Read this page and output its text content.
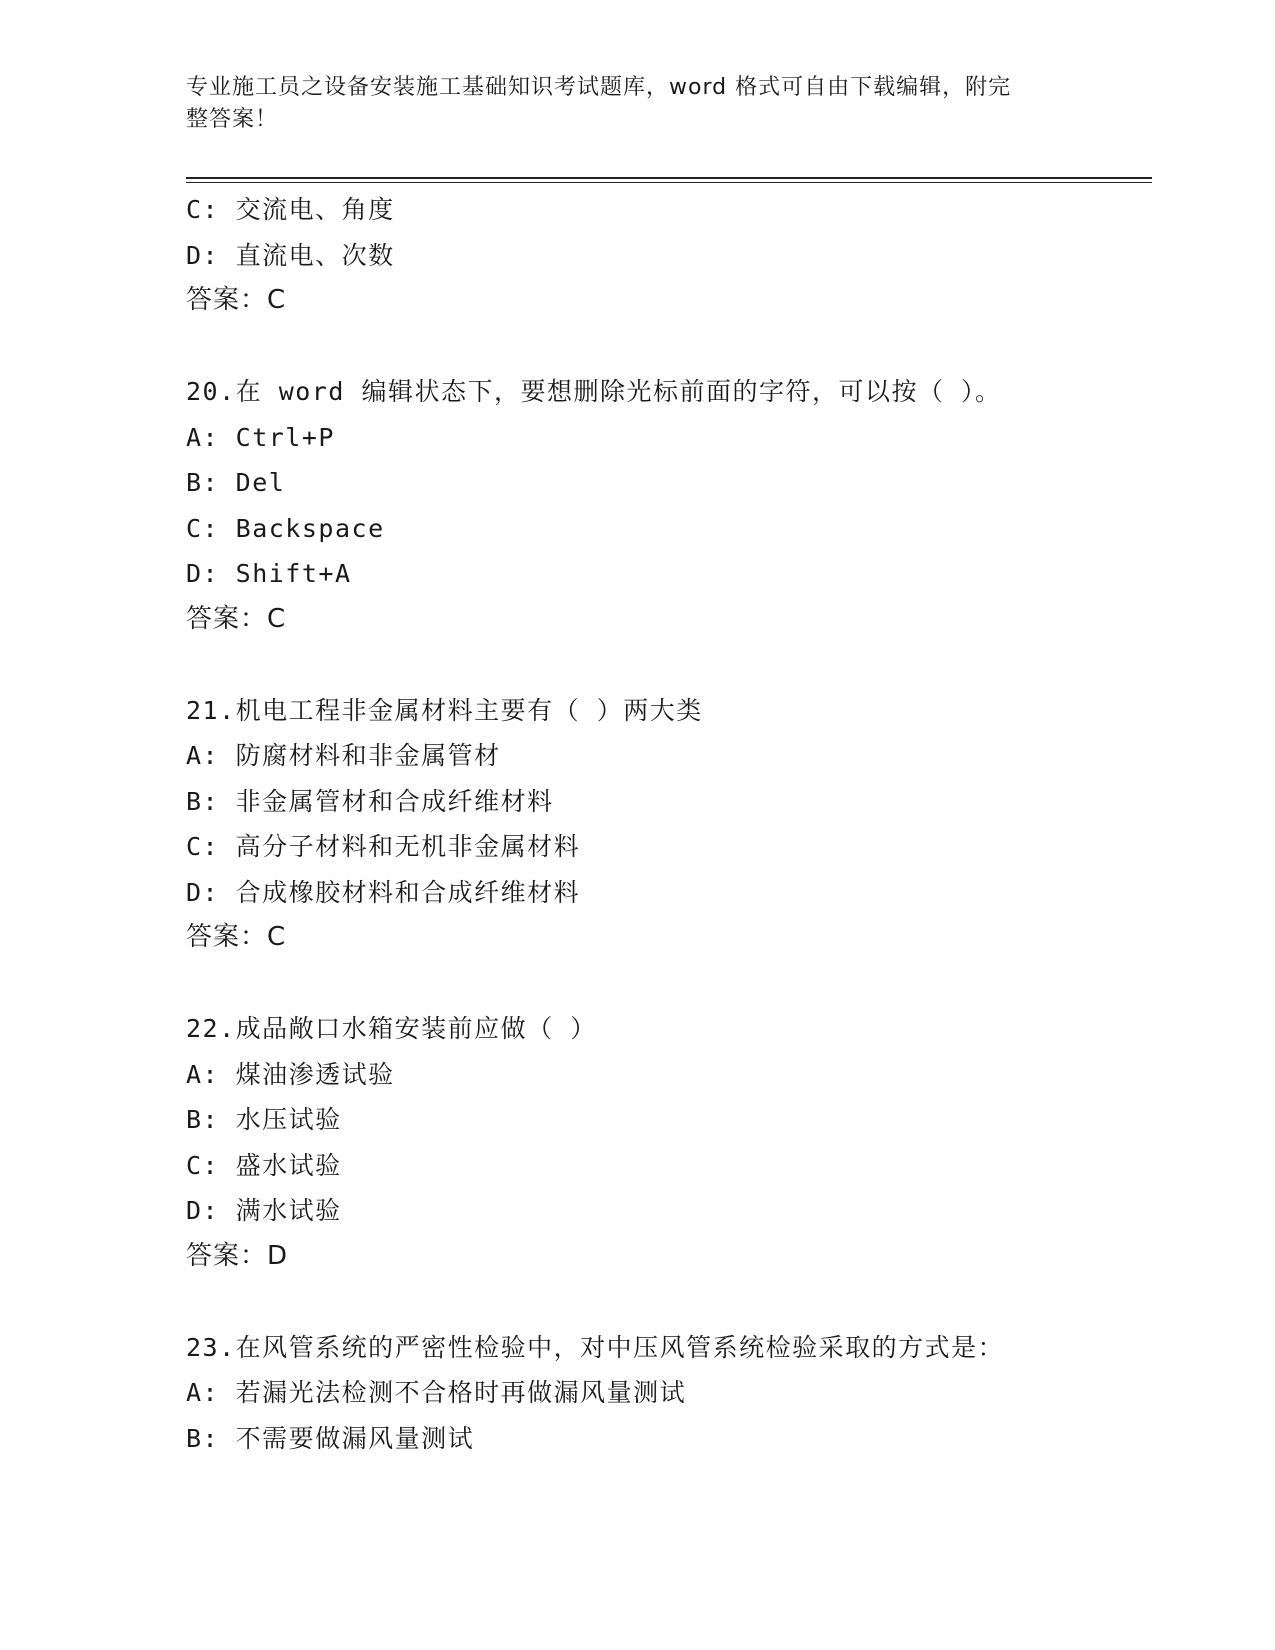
专业施工员之设备安装施工基础知识考试题库，word 格式可自由下载编辑，附完
整答案！
C: 交流电、角度
D: 直流电、次数
答案：C
20.在 word 编辑状态下，要想删除光标前面的字符，可以按（ ）。
A: Ctrl+P
B: Del
C: Backspace
D: Shift+A
答案：C
21.机电工程非金属材料主要有（ ）两大类
A: 防腐材料和非金属管材
B: 非金属管材和合成纤维材料
C: 高分子材料和无机非金属材料
D: 合成橡胶材料和合成纤维材料
答案：C
22.成品敞口水箱安装前应做（ ）
A: 煤油渗透试验
B: 水压试验
C: 盛水试验
D: 满水试验
答案：D
23.在风管系统的严密性检验中，对中压风管系统检验采取的方式是：
A: 若漏光法检测不合格时再做漏风量测试
B: 不需要做漏风量测试
